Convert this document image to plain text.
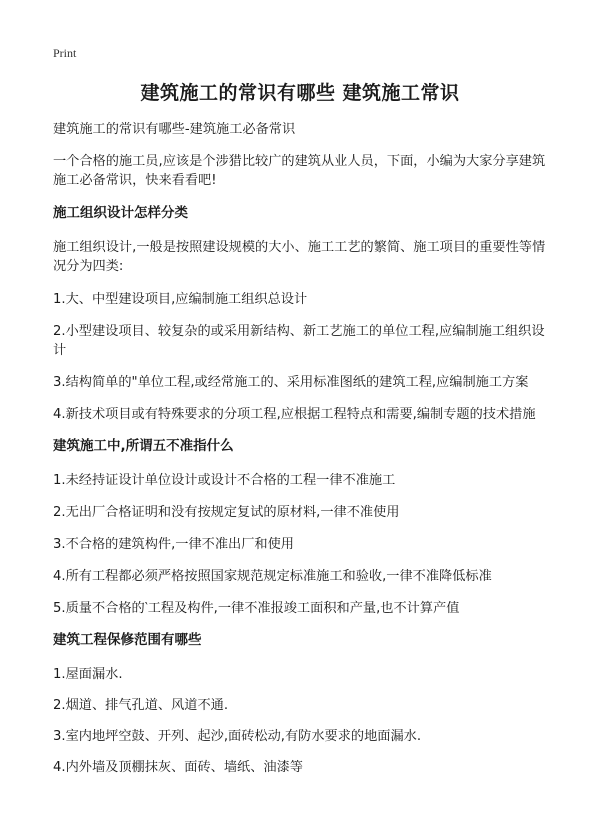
Print
建筑施工的常识有哪些 建筑施工常识

建筑施工的常识有哪些-建筑施工必备常识

一个合格的施工员,应该是个涉猎比较广的建筑从业人员，下面，小编为大家分享建筑施工必备常识，快来看看吧!

施工组织设计怎样分类

施工组织设计,一般是按照建设规模的大小、施工工艺的繁简、施工项目的重要性等情况分为四类:

1.大、中型建设项目,应编制施工组织总设计

2.小型建设项目、较复杂的或采用新结构、新工艺施工的单位工程,应编制施工组织设计

3.结构简单的"单位工程,或经常施工的、采用标准图纸的建筑工程,应编制施工方案

4.新技术项目或有特殊要求的分项工程,应根据工程特点和需要,编制专题的技术措施

建筑施工中,所谓五不准指什么

1.未经持证设计单位设计或设计不合格的工程一律不准施工

2.无出厂合格证明和没有按规定复试的原材料,一律不准使用

3.不合格的建筑构件,一律不准出厂和使用

4.所有工程都必须严格按照国家规范规定标准施工和验收,一律不准降低标准

5.质量不合格的‵工程及构件,一律不准报竣工面积和产量,也不计算产值

建筑工程保修范围有哪些

1.屋面漏水.

2.烟道、排气孔道、风道不通.

3.室内地坪空鼓、开列、起沙,面砖松动,有防水要求的地面漏水.

4.内外墙及顶棚抹灰、面砖、墙纸、油漆等
